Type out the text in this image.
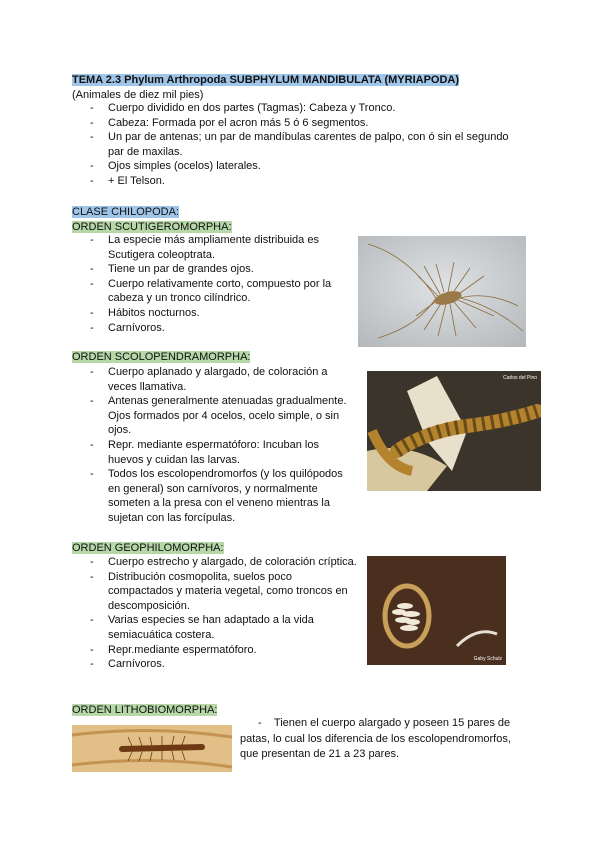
TEMA 2.3 Phylum Arthropoda SUBPHYLUM MANDIBULATA (MYRIAPODA)
(Animales de diez mil pies)
- Cuerpo dividido en dos partes (Tagmas): Cabeza y Tronco.
- Cabeza: Formada por el acron más 5 ó 6 segmentos.
- Un par de antenas; un par de mandíbulas carentes de palpo, con ó sin el segundo par de maxilas.
- Ojos simples (ocelos) laterales.
- + El Telson.
CLASE CHILOPODA:
ORDEN SCUTIGEROMORPHA:
- La especie más ampliamente distribuida es Scutigera coleoptrata.
- Tiene un par de grandes ojos.
- Cuerpo relativamente corto, compuesto por la cabeza y un tronco cilíndrico.
- Hábitos nocturnos.
- Carnívoros.
ORDEN SCOLOPENDRAMORPHA:
- Cuerpo aplanado y alargado, de coloración a veces llamativa.
- Antenas generalmente atenuadas gradualmente. Ojos formados por 4 ocelos, ocelo simple, o sin ojos.
- Repr. mediante espermatóforo: Incuban los huevos y cuidan las larvas.
- Todos los escolopendromorfos (y los quilópodos en general) son carnívoros, y normalmente someten a la presa con el veneno mientras la sujetan con las forcípulas.
Carlos del Pino
ORDEN GEOPHILOMORPHA:
- Cuerpo estrecho y alargado, de coloración críptica.
- Distribución cosmopolita, suelos poco compactados y materia vegetal, como troncos en descomposición.
- Varias especies se han adaptado a la vida semiacuática costera.
- Repr.mediante espermatóforo.
- Carnívoros.	Gaby Schulz
ORDEN LITHOBIOMORPHA:
-    Tienen el cuerpo alargado y poseen 15 pares de patas, lo cual los diferencia de los escolopendromorfos, que presentan de 21 a 23 pares.
